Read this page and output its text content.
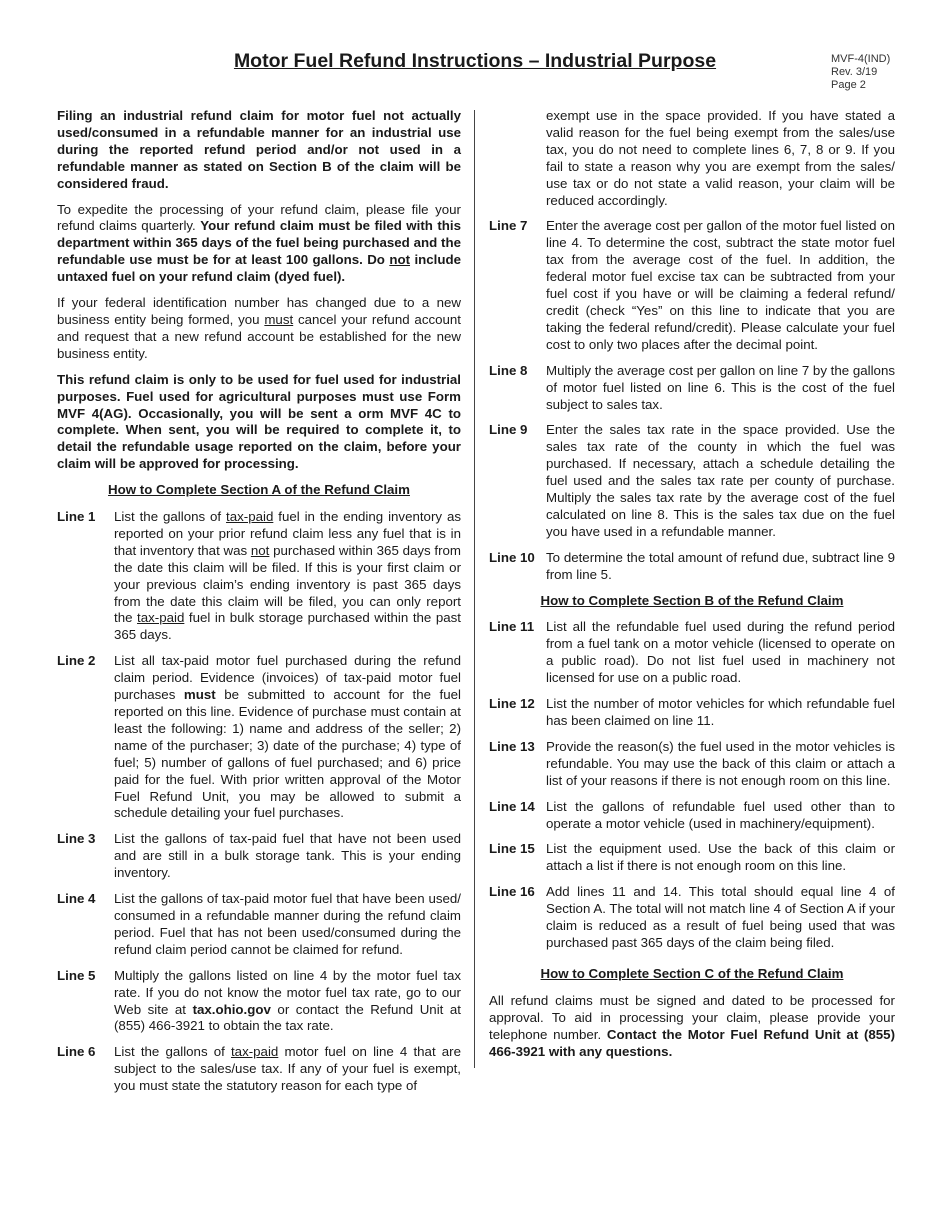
Motor Fuel Refund Instructions – Industrial Purpose	MVF-4(IND)
Rev. 3/19
Page 2

Filing an industrial refund claim for motor fuel not actually used/consumed in a refundable manner for an industrial use during the reported refund period and/or not used in a refundable manner as stated on Section B of the claim will be considered fraud.

To expedite the processing of your refund claim, please file your refund claims quarterly. Your refund claim must be filed with this department within 365 days of the fuel being purchased and the refundable use must be for at least 100 gallons. Do not include untaxed fuel on your refund claim (dyed fuel).

If your federal identification number has changed due to a new business entity being formed, you must cancel your refund account and request that a new refund account be established for the new business entity.

This refund claim is only to be used for fuel used for industrial purposes. Fuel used for agricultural purposes must use Form MVF 4(AG). Occasionally, you will be sent a orm MVF 4C to complete. When sent, you will be required to complete it, to detail the refundable usage reported on the claim, before your claim will be approved for processing.

How to Complete Section A of the Refund Claim
Line 1	List the gallons of tax-paid fuel in the ending inventory as reported on your prior refund claim less any fuel that is in that inventory that was not purchased within 365 days from the date this claim will be filed. If this is your first claim or your previous claim’s ending inventory is past 365 days from the date this claim will be filed, you can only report the tax-paid fuel in bulk storage purchased within the past 365 days.
Line 2	List all tax-paid motor fuel purchased during the refund claim period. Evidence (invoices) of tax-paid motor fuel purchases must be submitted to account for the fuel reported on this line. Evidence of purchase must contain at least the following: 1) name and address of the seller; 2) name of the purchaser; 3) date of the purchase; 4) type of fuel; 5) number of gallons of fuel purchased; and 6) price paid for the fuel. With prior written approval of the Motor Fuel Refund Unit, you may be allowed to submit a schedule detailing your fuel purchases.
Line 3	List the gallons of tax-paid fuel that have not been used and are still in a bulk storage tank. This is your ending inventory.
Line 4	List the gallons of tax-paid motor fuel that have been used/ consumed in a refundable manner during the refund claim period. Fuel that has not been used/consumed during the refund claim period cannot be claimed for refund.
Line 5	Multiply the gallons listed on line 4 by the motor fuel tax rate. If you do not know the motor fuel tax rate, go to our Web site at tax.ohio.gov or contact the Refund Unit at (855) 466-3921 to obtain the tax rate.
Line 6	List the gallons of tax-paid motor fuel on line 4 that are subject to the sales/use tax. If any of your fuel is exempt, you must state the statutory reason for each type of

exempt use in the space provided. If you have stated a valid reason for the fuel being exempt from the sales/use tax, you do not need to complete lines 6, 7, 8 or 9. If you fail to state a reason why you are exempt from the sales/ use tax or do not state a valid reason, your claim will be reduced accordingly.

Line 7	Enter the average cost per gallon of the motor fuel listed on line 4. To determine the cost, subtract the state motor fuel tax from the average cost of the fuel. In addition, the federal motor fuel excise tax can be subtracted from your fuel cost if you have or will be claiming a federal refund/ credit (check “Yes” on this line to indicate that you are taking the federal refund/credit). Please calculate your fuel cost to only two places after the decimal point.
Line 8	Multiply the average cost per gallon on line 7 by the gallons of motor fuel listed on line 6. This is the cost of the fuel subject to sales tax.
Line 9	Enter the sales tax rate in the space provided. Use the sales tax rate of the county in which the fuel was purchased. If necessary, attach a schedule detailing the fuel used and the sales tax rate per county of purchase. Multiply the sales tax rate by the average cost of the fuel calculated on line 8. This is the sales tax due on the fuel you have used in a refundable manner.
Line 10 To determine the total amount of refund due, subtract line 9 from line 5.
How to Complete Section B of the Refund Claim
Line 11 List all the refundable fuel used during the refund period from a fuel tank on a motor vehicle (licensed to operate on a public road). Do not list fuel used in machinery not licensed for use on a public road.
Line 12 List the number of motor vehicles for which refundable fuel has been claimed on line 11.
Line 13 Provide the reason(s) the fuel used in the motor vehicles is refundable. You may use the back of this claim or attach a list of your reasons if there is not enough room on this line.
Line 14 List the gallons of refundable fuel used other than to operate a motor vehicle (used in machinery/equipment).
Line 15 List the equipment used. Use the back of this claim or attach a list if there is not enough room on this line.
Line 16 Add lines 11 and 14. This total should equal line 4 of Section A. The total will not match line 4 of Section A if your claim is reduced as a result of fuel being used that was purchased past 365 days of the claim being filed.
How to Complete Section C of the Refund Claim

All refund claims must be signed and dated to be processed for approval. To aid in processing your claim, please provide your telephone number. Contact the Motor Fuel Refund Unit at (855) 466-3921 with any questions.
